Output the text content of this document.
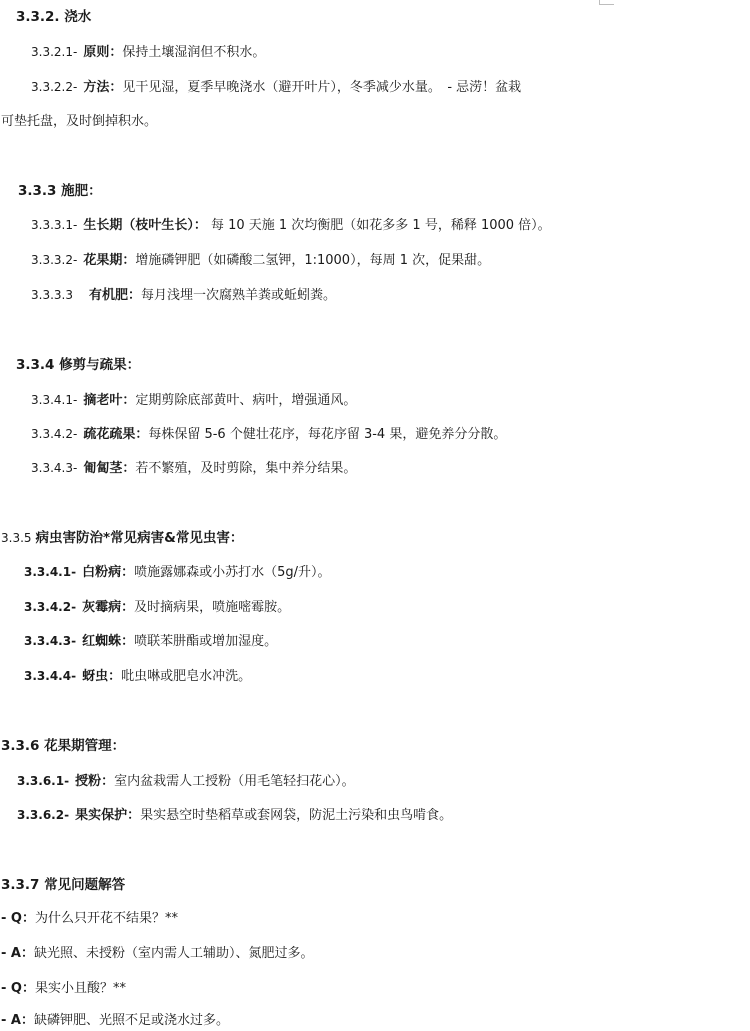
3.3.2. 浇水
3.3.2.1- 原则：保持土壤湿润但不积水。
3.3.2.2- 方法：见干见湿，夏季早晚浇水（避开叶片），冬季减少水量。　- 忌涝！盆栽
可垫托盘，及时倒掉积水。
3.3.3 施肥：
3.3.3.1- 生长期（枝叶生长）： 每 10 天施 1 次均衡肥（如花多多 1 号，稀释 1000 倍）。
3.3.3.2- 花果期：增施磷钾肥（如磷酸二氢钾，1:1000），每周 1 次，促果甜。
3.3.3.3 有机肥：每月浅埋一次腐熟羊粪或蚯蚓粪。
3.3.4 修剪与疏果：
3.3.4.1- 摘老叶：定期剪除底部黄叶、病叶，增强通风。
3.3.4.2- 疏花疏果：每株保留 5-6 个健壮花序，每花序留 3-4 果，避免养分分散。
3.3.4.3- 匍匐茎：若不繁殖，及时剪除，集中养分结果。
3.3.5 病虫害防治*常见病害&常见虫害：
3.3.4.1- 白粉病：喷施露娜森或小苏打水（5g/升）。
3.3.4.2- 灰霉病：及时摘病果，喷施嘧霉胺。
3.3.4.3- 红蜘蛛：喷联苯肼酯或增加湿度。
3.3.4.4- 蚜虫：吡虫啉或肥皂水冲洗。
3.3.6 花果期管理：
3.3.6.1- 授粉：室内盆栽需人工授粉（用毛笔轻扫花心）。
3.3.6.2- 果实保护：果实悬空时垫稻草或套网袋，防泥土污染和虫鸟啃食。
3.3.7 常见问题解答
- Q：为什么只开花不结果？**
- A：缺光照、未授粉（室内需人工辅助）、氮肥过多。
- Q：果实小且酸？**
- A：缺磷钾肥、光照不足或浇水过多。
